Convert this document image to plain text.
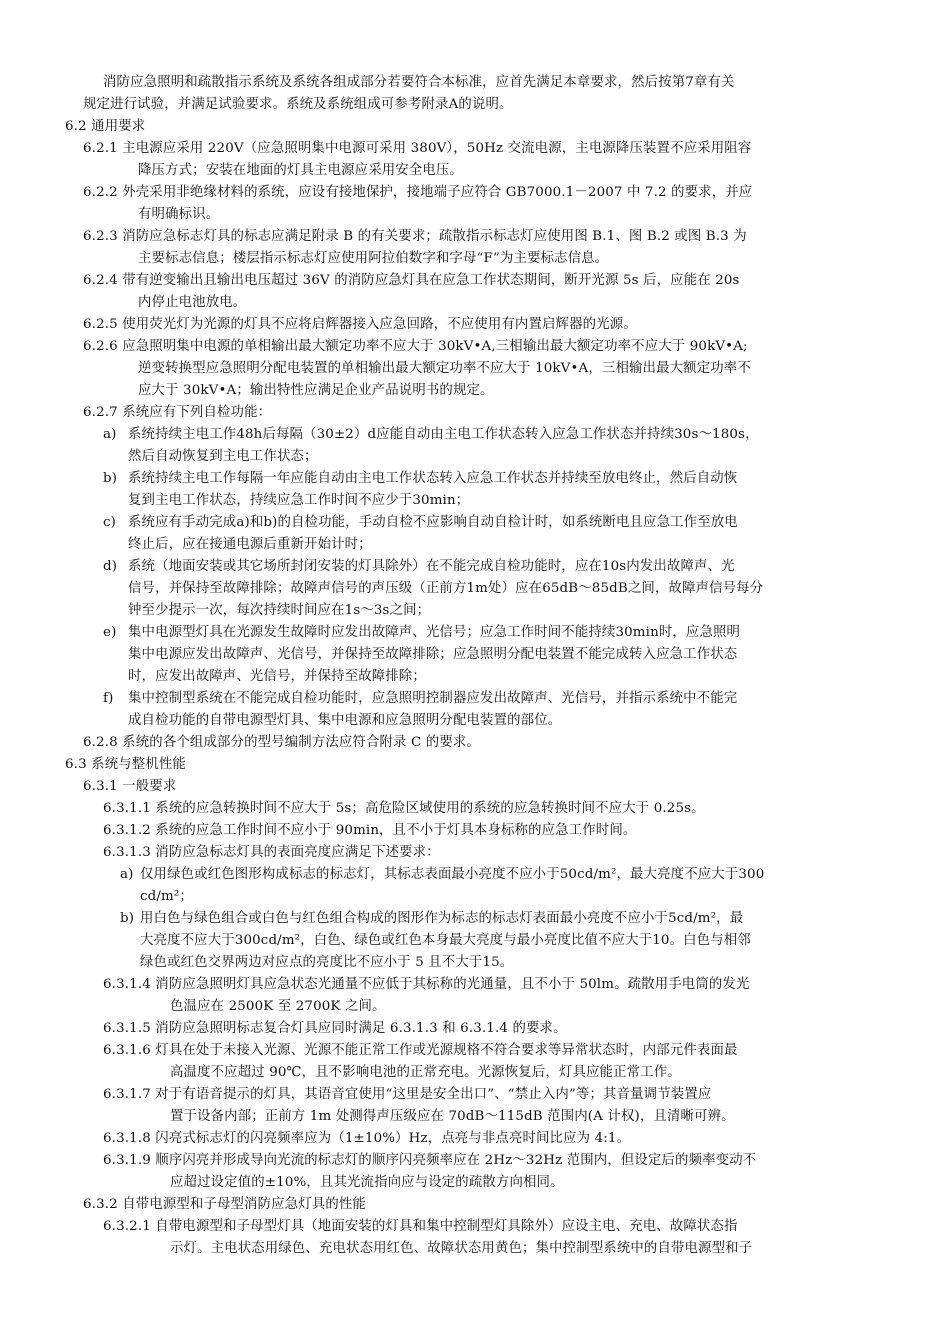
消防应急照明和疏散指示系统及系统各组成部分若要符合本标准，应首先满足本章要求，然后按第7章有关
规定进行试验，并满足试验要求。系统及系统组成可参考附录A的说明。
6.2 通用要求
6.2.1 主电源应采用 220V（应急照明集中电源可采用 380V），50Hz 交流电源，主电源降压装置不应采用阻容
降压方式；安装在地面的灯具主电源应采用安全电压。
6.2.2 外壳采用非绝缘材料的系统，应设有接地保护，接地端子应符合 GB7000.1－2007 中 7.2 的要求，并应
有明确标识。
6.2.3 消防应急标志灯具的标志应满足附录 B 的有关要求；疏散指示标志灯应使用图 B.1、图 B.2 或图 B.3 为
主要标志信息；楼层指示标志灯应使用阿拉伯数字和字母“F”为主要标志信息。
6.2.4 带有逆变输出且输出电压超过 36V 的消防应急灯具在应急工作状态期间，断开光源 5s 后，应能在 20s
内停止电池放电。
6.2.5 使用荧光灯为光源的灯具不应将启辉器接入应急回路，不应使用有内置启辉器的光源。
6.2.6 应急照明集中电源的单相输出最大额定功率不应大于 30kV•A,三相输出最大额定功率不应大于 90kV•A;
逆变转换型应急照明分配电装置的单相输出最大额定功率不应大于 10kV•A，三相输出最大额定功率不
应大于 30kV•A；输出特性应满足企业产品说明书的规定。
6.2.7 系统应有下列自检功能：
a) 系统持续主电工作48h后每隔（30±2）d应能自动由主电工作状态转入应急工作状态并持续30s～180s，
然后自动恢复到主电工作状态；
b) 系统持续主电工作每隔一年应能自动由主电工作状态转入应急工作状态并持续至放电终止，然后自动恢
复到主电工作状态，持续应急工作时间不应少于30min；
c) 系统应有手动完成a)和b)的自检功能，手动自检不应影响自动自检计时，如系统断电且应急工作至放电
终止后，应在接通电源后重新开始计时；
d) 系统（地面安装或其它场所封闭安装的灯具除外）在不能完成自检功能时，应在10s内发出故障声、光
信号，并保持至故障排除；故障声信号的声压级（正前方1m处）应在65dB～85dB之间，故障声信号每分
钟至少提示一次，每次持续时间应在1s～3s之间；
e) 集中电源型灯具在光源发生故障时应发出故障声、光信号；应急工作时间不能持续30min时，应急照明
集中电源应发出故障声、光信号，并保持至故障排除；应急照明分配电装置不能完成转入应急工作状态
时，应发出故障声、光信号，并保持至故障排除；
f) 集中控制型系统在不能完成自检功能时，应急照明控制器应发出故障声、光信号，并指示系统中不能完
成自检功能的自带电源型灯具、集中电源和应急照明分配电装置的部位。
6.2.8 系统的各个组成部分的型号编制方法应符合附录 C 的要求。
6.3 系统与整机性能
6.3.1 一般要求
6.3.1.1 系统的应急转换时间不应大于 5s；高危险区域使用的系统的应急转换时间不应大于 0.25s。
6.3.1.2 系统的应急工作时间不应小于 90min，且不小于灯具本身标称的应急工作时间。
6.3.1.3 消防应急标志灯具的表面亮度应满足下述要求：
a) 仅用绿色或红色图形构成标志的标志灯，其标志表面最小亮度不应小于50cd/m²，最大亮度不应大于300
cd/m²；
b) 用白色与绿色组合或白色与红色组合构成的图形作为标志的标志灯表面最小亮度不应小于5cd/m²，最
大亮度不应大于300cd/m²，白色、绿色或红色本身最大亮度与最小亮度比值不应大于10。白色与相邻
绿色或红色交界两边对应点的亮度比不应小于 5 且不大于15。
6.3.1.4 消防应急照明灯具应急状态光通量不应低于其标称的光通量，且不小于 50lm。疏散用手电筒的发光
色温应在 2500K 至 2700K 之间。
6.3.1.5 消防应急照明标志复合灯具应同时满足 6.3.1.3 和 6.3.1.4 的要求。
6.3.1.6 灯具在处于未接入光源、光源不能正常工作或光源规格不符合要求等异常状态时，内部元件表面最
高温度不应超过 90℃，且不影响电池的正常充电。光源恢复后，灯具应能正常工作。
6.3.1.7 对于有语音提示的灯具，其语音宜使用“这里是安全出口”、“禁止入内”等；其音量调节装置应
置于设备内部；正前方 1m 处测得声压级应在 70dB～115dB 范围内(A 计权)，且清晰可辨。
6.3.1.8 闪亮式标志灯的闪亮频率应为（1±10%）Hz，点亮与非点亮时间比应为 4:1。
6.3.1.9 顺序闪亮并形成导向光流的标志灯的顺序闪亮频率应在 2Hz～32Hz 范围内，但设定后的频率变动不
应超过设定值的±10%，且其光流指向应与设定的疏散方向相同。
6.3.2 自带电源型和子母型消防应急灯具的性能
6.3.2.1 自带电源型和子母型灯具（地面安装的灯具和集中控制型灯具除外）应设主电、充电、故障状态指
示灯。主电状态用绿色、充电状态用红色、故障状态用黄色；集中控制型系统中的自带电源型和子
